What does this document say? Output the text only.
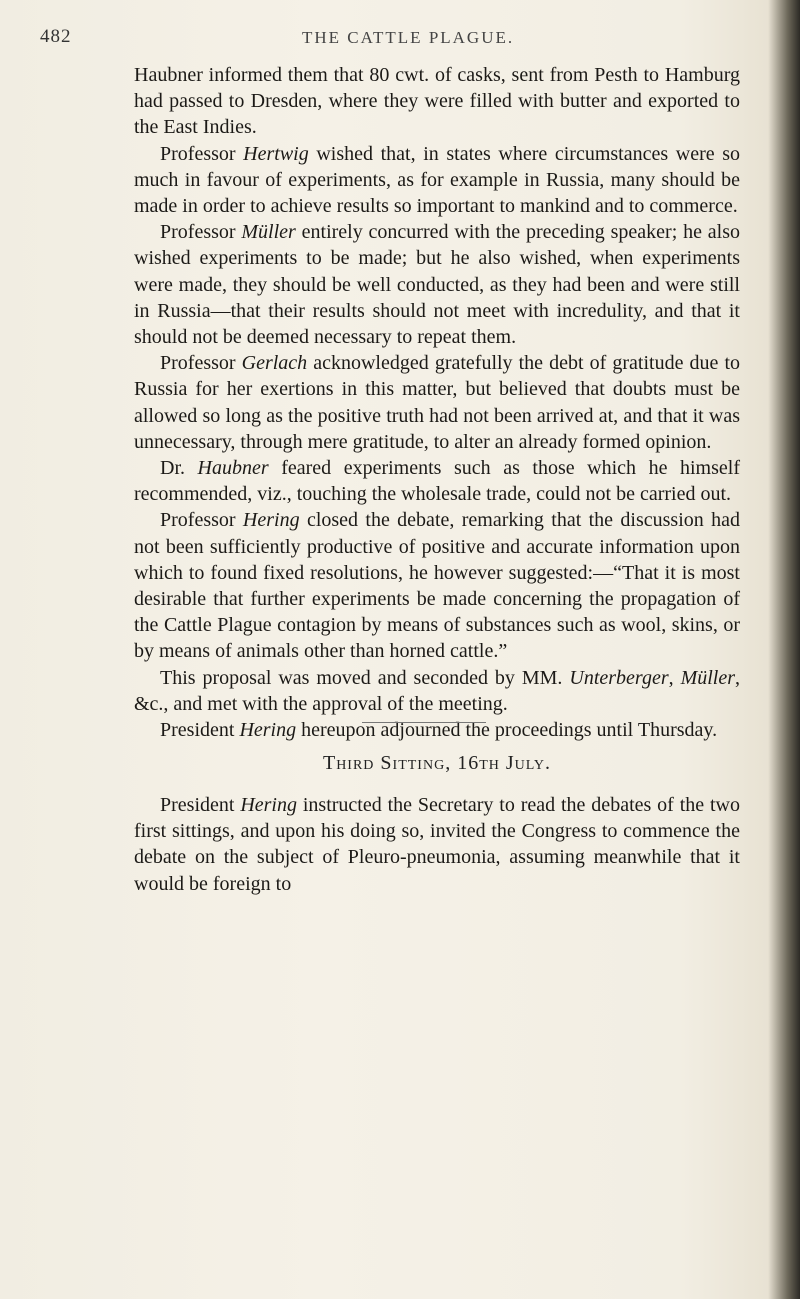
482	THE CATTLE PLAGUE.

Haubner informed them that 80 cwt. of casks, sent from Pesth to Hamburg had passed to Dresden, where they were filled with butter and exported to the East Indies.

Professor Hertwig wished that, in states where circumstances were so much in favour of experiments, as for example in Russia, many should be made in order to achieve results so important to mankind and to commerce.

Professor Müller entirely concurred with the preceding speaker; he also wished experiments to be made; but he also wished, when experiments were made, they should be well conducted, as they had been and were still in Russia—that their results should not meet with incredulity, and that it should not be deemed necessary to repeat them.

Professor Gerlach acknowledged gratefully the debt of gratitude due to Russia for her exertions in this matter, but believed that doubts must be allowed so long as the positive truth had not been arrived at, and that it was unnecessary, through mere gratitude, to alter an already formed opinion.

Dr. Haubner feared experiments such as those which he himself recommended, viz., touching the wholesale trade, could not be carried out.

Professor Hering closed the debate, remarking that the discussion had not been sufficiently productive of positive and accurate information upon which to found fixed resolutions, he however suggested:—“That it is most desirable that further experiments be made concerning the propagation of the Cattle Plague contagion by means of substances such as wool, skins, or by means of animals other than horned cattle.”

This proposal was moved and seconded by MM. Unterberger, Müller, &c., and met with the approval of the meeting.

President Hering hereupon adjourned the proceedings until Thursday.

Third Sitting, 16th July.

President Hering instructed the Secretary to read the debates of the two first sittings, and upon his doing so, invited the Congress to commence the debate on the subject of Pleuro-pneumonia, assuming meanwhile that it would be foreign to
